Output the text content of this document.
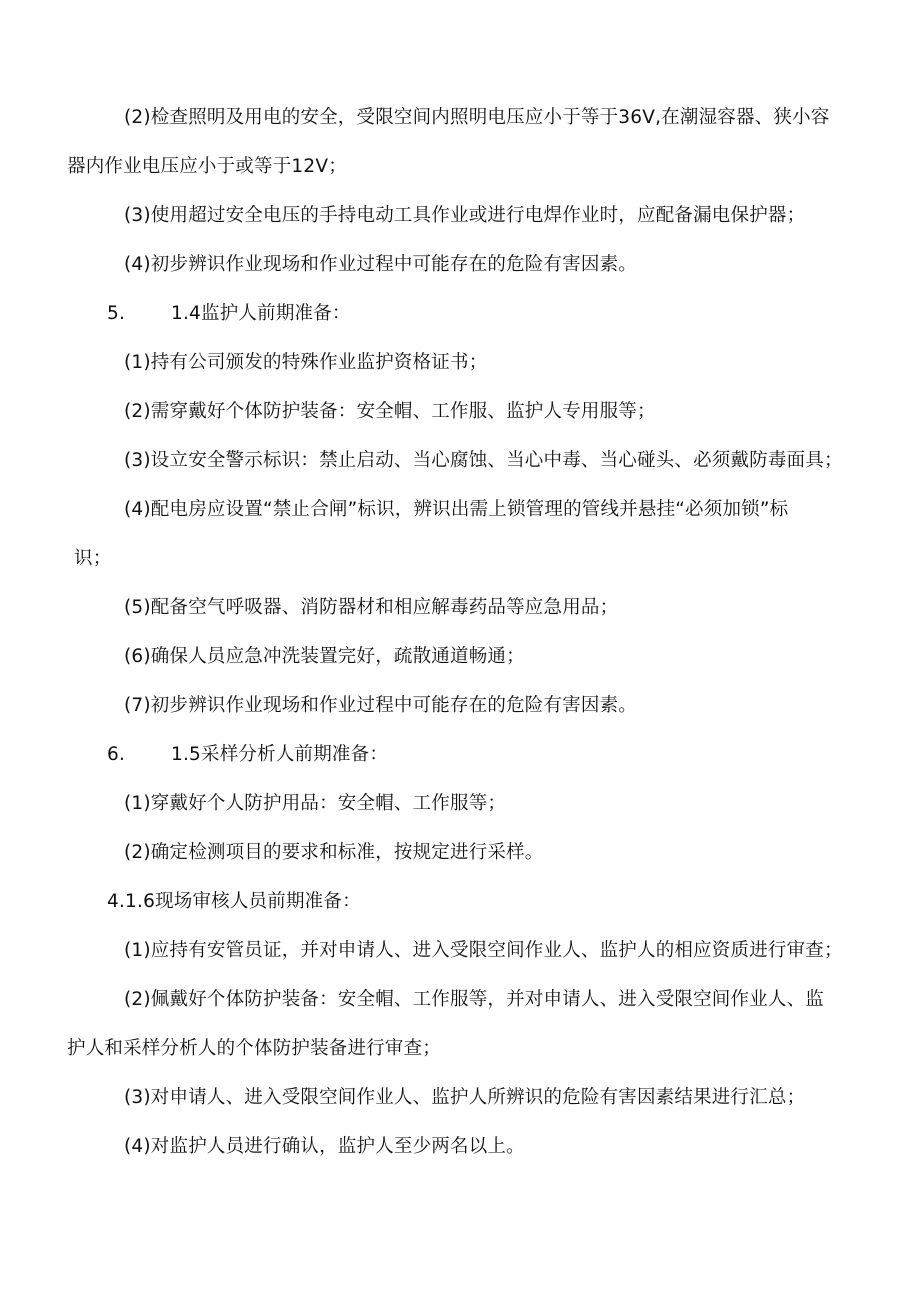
(2)检查照明及用电的安全，受限空间内照明电压应小于等于36V,在潮湿容器、狭小容
器内作业电压应小于或等于12V；
(3)使用超过安全电压的手持电动工具作业或进行电焊作业时，应配备漏电保护器；
(4)初步辨识作业现场和作业过程中可能存在的危险有害因素。
5. 1.4监护人前期准备：
(1)持有公司颁发的特殊作业监护资格证书；
(2)需穿戴好个体防护装备：安全帽、工作服、监护人专用服等；
(3)设立安全警示标识：禁止启动、当心腐蚀、当心中毒、当心碰头、必须戴防毒面具；
(4)配电房应设置“禁止合闸”标识，辨识出需上锁管理的管线并悬挂“必须加锁”标
识；
(5)配备空气呼吸器、消防器材和相应解毒药品等应急用品；
(6)确保人员应急冲洗装置完好，疏散通道畅通；
(7)初步辨识作业现场和作业过程中可能存在的危险有害因素。
6. 1.5采样分析人前期准备：
(1)穿戴好个人防护用品：安全帽、工作服等；
(2)确定检测项目的要求和标准，按规定进行采样。
4.1.6现场审核人员前期准备：
(1)应持有安管员证，并对申请人、进入受限空间作业人、监护人的相应资质进行审查；
(2)佩戴好个体防护装备：安全帽、工作服等，并对申请人、进入受限空间作业人、监
护人和采样分析人的个体防护装备进行审查；
(3)对申请人、进入受限空间作业人、监护人所辨识的危险有害因素结果进行汇总；
(4)对监护人员进行确认，监护人至少两名以上。
